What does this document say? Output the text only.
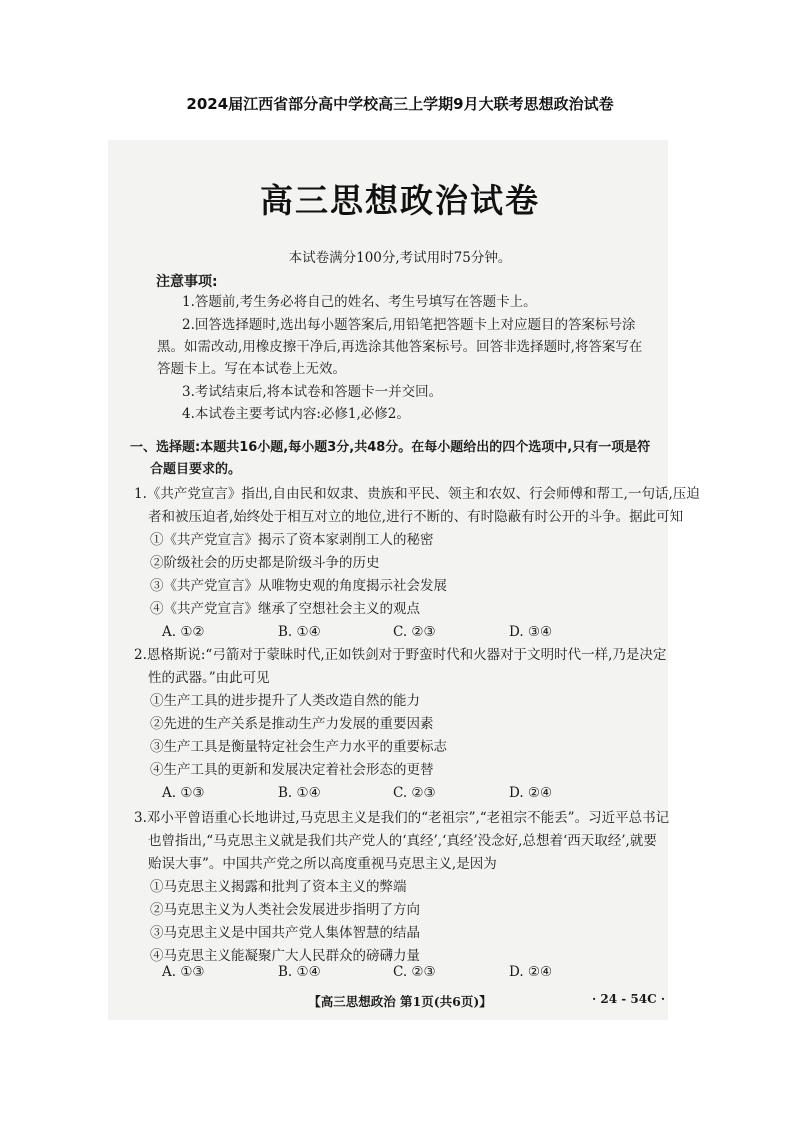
2024届江西省部分高中学校高三上学期9月大联考思想政治试卷
高三思想政治试卷
本试卷满分100分,考试用时75分钟。
注意事项:
1.答题前,考生务必将自己的姓名、考生号填写在答题卡上。
2.回答选择题时,选出每小题答案后,用铅笔把答题卡上对应题目的答案标号涂
黑。如需改动,用橡皮擦干净后,再选涂其他答案标号。回答非选择题时,将答案写在
答题卡上。写在本试卷上无效。
3.考试结束后,将本试卷和答题卡一并交回。
4.本试卷主要考试内容:必修1,必修2。
一、选择题:本题共16小题,每小题3分,共48分。在每小题给出的四个选项中,只有一项是符
合题目要求的。
1.《共产党宣言》指出,自由民和奴隶、贵族和平民、领主和农奴、行会师傅和帮工,一句话,压迫
者和被压迫者,始终处于相互对立的地位,进行不断的、有时隐蔽有时公开的斗争。据此可知
①《共产党宣言》揭示了资本家剥削工人的秘密
②阶级社会的历史都是阶级斗争的历史
③《共产党宣言》从唯物史观的角度揭示社会发展
④《共产党宣言》继承了空想社会主义的观点
A. ①②	B. ①④	C. ②③	D. ③④
2.恩格斯说:“弓箭对于蒙昧时代,正如铁剑对于野蛮时代和火器对于文明时代一样,乃是决定
性的武器。”由此可见
①生产工具的进步提升了人类改造自然的能力
②先进的生产关系是推动生产力发展的重要因素
③生产工具是衡量特定社会生产力水平的重要标志
④生产工具的更新和发展决定着社会形态的更替
A. ①③	B. ①④	C. ②③	D. ②④
3.邓小平曾语重心长地讲过,马克思主义是我们的“老祖宗”,“老祖宗不能丢”。习近平总书记
也曾指出,“马克思主义就是我们共产党人的‘真经’,‘真经’没念好,总想着‘西天取经’,就要
贻误大事”。中国共产党之所以高度重视马克思主义,是因为
①马克思主义揭露和批判了资本主义的弊端
②马克思主义为人类社会发展进步指明了方向
③马克思主义是中国共产党人集体智慧的结晶
④马克思主义能凝聚广大人民群众的磅礴力量
A. ①③	B. ①④	C. ②③	D. ②④
【高三思想政治 第1页(共6页)】	· 24 - 54C ·
